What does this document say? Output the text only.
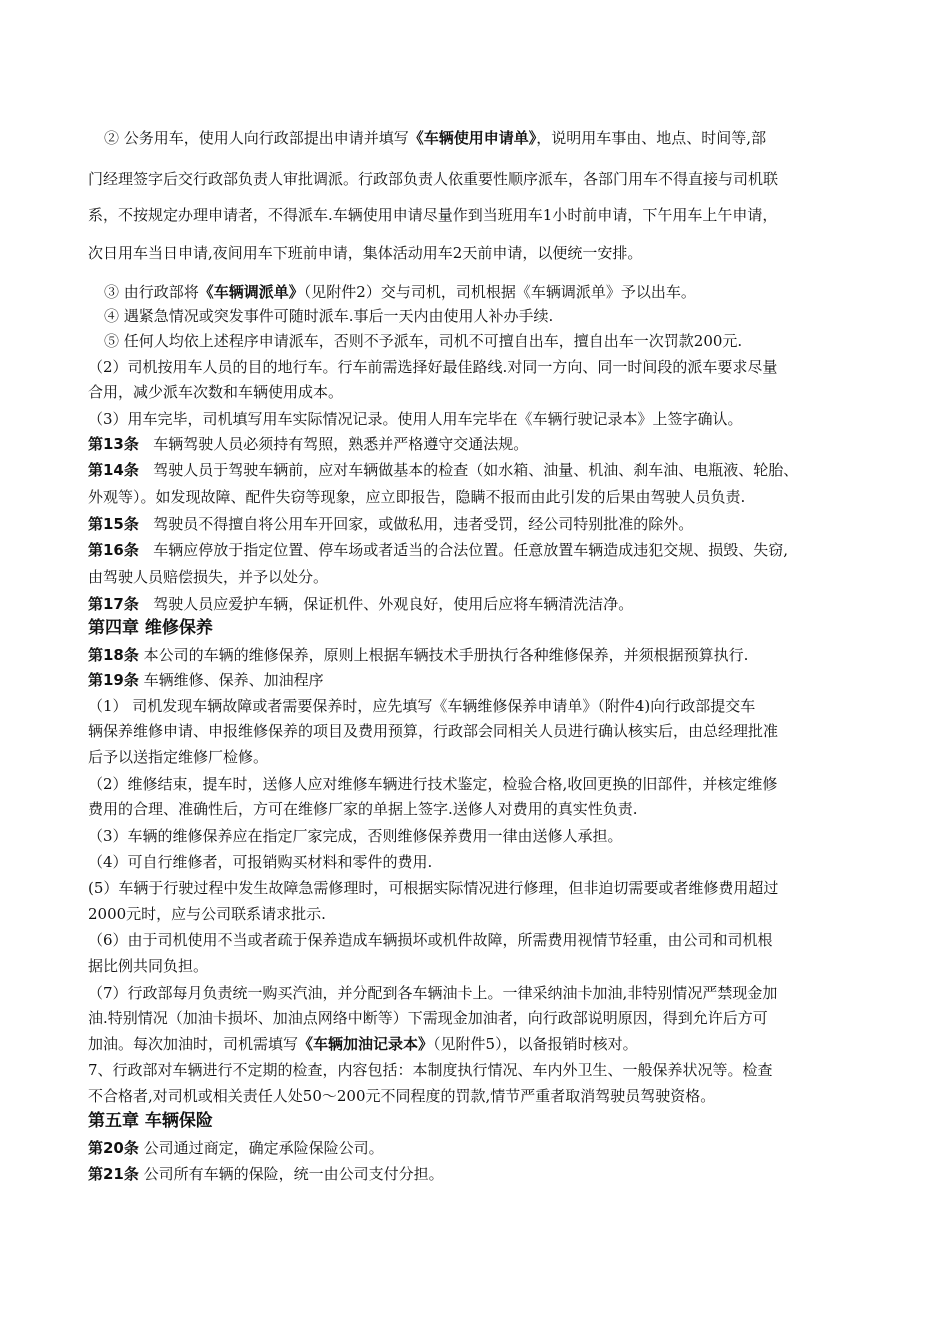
② 公务用车，使用人向行政部提出申请并填写《车辆使用申请单》，说明用车事由、地点、时间等,部
门经理签字后交行政部负责人审批调派。行政部负责人依重要性顺序派车，各部门用车不得直接与司机联
系，不按规定办理申请者，不得派车.车辆使用申请尽量作到当班用车1小时前申请，下午用车上午申请，
次日用车当日申请,夜间用车下班前申请，集体活动用车2天前申请，以便统一安排。
③ 由行政部将《车辆调派单》（见附件2）交与司机，司机根据《车辆调派单》予以出车。
④ 遇紧急情况或突发事件可随时派车.事后一天内由使用人补办手续.
⑤ 任何人均依上述程序申请派车，否则不予派车，司机不可擅自出车，擅自出车一次罚款200元.
（2）司机按用车人员的目的地行车。行车前需选择好最佳路线.对同一方向、同一时间段的派车要求尽量
合用，减少派车次数和车辆使用成本。
（3）用车完毕，司机填写用车实际情况记录。使用人用车完毕在《车辆行驶记录本》上签字确认。
第13条 车辆驾驶人员必须持有驾照，熟悉并严格遵守交通法规。
第14条 驾驶人员于驾驶车辆前，应对车辆做基本的检查（如水箱、油量、机油、刹车油、电瓶液、轮胎、
外观等）。如发现故障、配件失窃等现象，应立即报告，隐瞒不报而由此引发的后果由驾驶人员负责.
第15条 驾驶员不得擅自将公用车开回家，或做私用，违者受罚，经公司特别批准的除外。
第16条 车辆应停放于指定位置、停车场或者适当的合法位置。任意放置车辆造成违犯交规、损毁、失窃,
由驾驶人员赔偿损失，并予以处分。
第17条 驾驶人员应爱护车辆，保证机件、外观良好，使用后应将车辆清洗洁净。
第四章 维修保养
第18条 本公司的车辆的维修保养，原则上根据车辆技术手册执行各种维修保养，并须根据预算执行.
第19条 车辆维修、保养、加油程序
（1） 司机发现车辆故障或者需要保养时，应先填写《车辆维修保养申请单》（附件4)向行政部提交车
辆保养维修申请、申报维修保养的项目及费用预算，行政部会同相关人员进行确认核实后，由总经理批准
后予以送指定维修厂检修。
（2）维修结束，提车时，送修人应对维修车辆进行技术鉴定，检验合格,收回更换的旧部件，并核定维修
费用的合理、准确性后，方可在维修厂家的单据上签字.送修人对费用的真实性负责.
（3）车辆的维修保养应在指定厂家完成，否则维修保养费用一律由送修人承担。
（4）可自行维修者，可报销购买材料和零件的费用.
(5）车辆于行驶过程中发生故障急需修理时，可根据实际情况进行修理，但非迫切需要或者维修费用超过
2000元时，应与公司联系请求批示.
（6）由于司机使用不当或者疏于保养造成车辆损坏或机件故障，所需费用视情节轻重，由公司和司机根
据比例共同负担。
（7）行政部每月负责统一购买汽油，并分配到各车辆油卡上。一律采纳油卡加油,非特别情况严禁现金加
油.特别情况（加油卡损坏、加油点网络中断等）下需现金加油者，向行政部说明原因，得到允许后方可
加油。每次加油时，司机需填写《车辆加油记录本》（见附件5），以备报销时核对。
7、行政部对车辆进行不定期的检查，内容包括：本制度执行情况、车内外卫生、一般保养状况等。检查
不合格者,对司机或相关责任人处50～200元不同程度的罚款,情节严重者取消驾驶员驾驶资格。
第五章 车辆保险
第20条 公司通过商定，确定承险保险公司。
第21条 公司所有车辆的保险，统一由公司支付分担。
